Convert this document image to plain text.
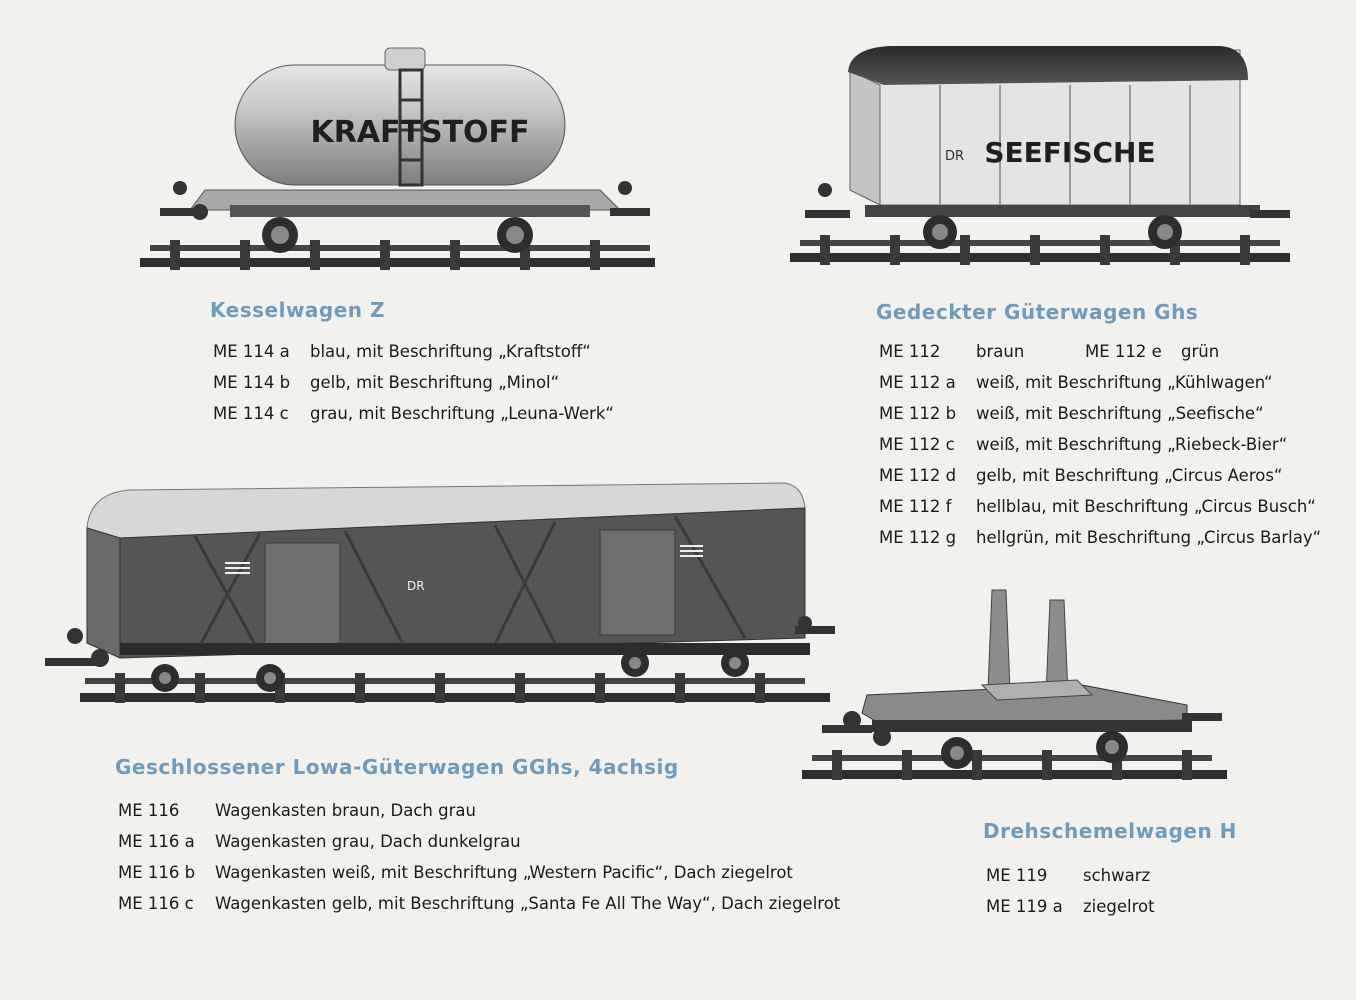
KRAFTSTOFF
DR SEEFISCHE
DR
Kesselwagen Z
ME 114 a blau, mit Beschriftung „Kraftstoff“
ME 114 b gelb, mit Beschriftung „Minol“
ME 114 c grau, mit Beschriftung „Leuna-Werk“
Gedeckter Güterwagen Ghs
ME 112 braun	ME 112 e grün
ME 112 a weiß, mit Beschriftung „Kühlwagen“
ME 112 b weiß, mit Beschriftung „Seefische“
ME 112 c weiß, mit Beschriftung „Riebeck-Bier“
ME 112 d gelb, mit Beschriftung „Circus Aeros“
ME 112 f hellblau, mit Beschriftung „Circus Busch“
ME 112 g hellgrün, mit Beschriftung „Circus Barlay“
Geschlossener Lowa-Güterwagen GGhs, 4achsig
ME 116 Wagenkasten braun, Dach grau
ME 116 a Wagenkasten grau, Dach dunkelgrau
ME 116 b Wagenkasten weiß, mit Beschriftung „Western Pacific“, Dach ziegelrot
ME 116 c Wagenkasten gelb, mit Beschriftung „Santa Fe All The Way“, Dach ziegelrot
Drehschemelwagen H
ME 119 schwarz
ME 119 a ziegelrot
